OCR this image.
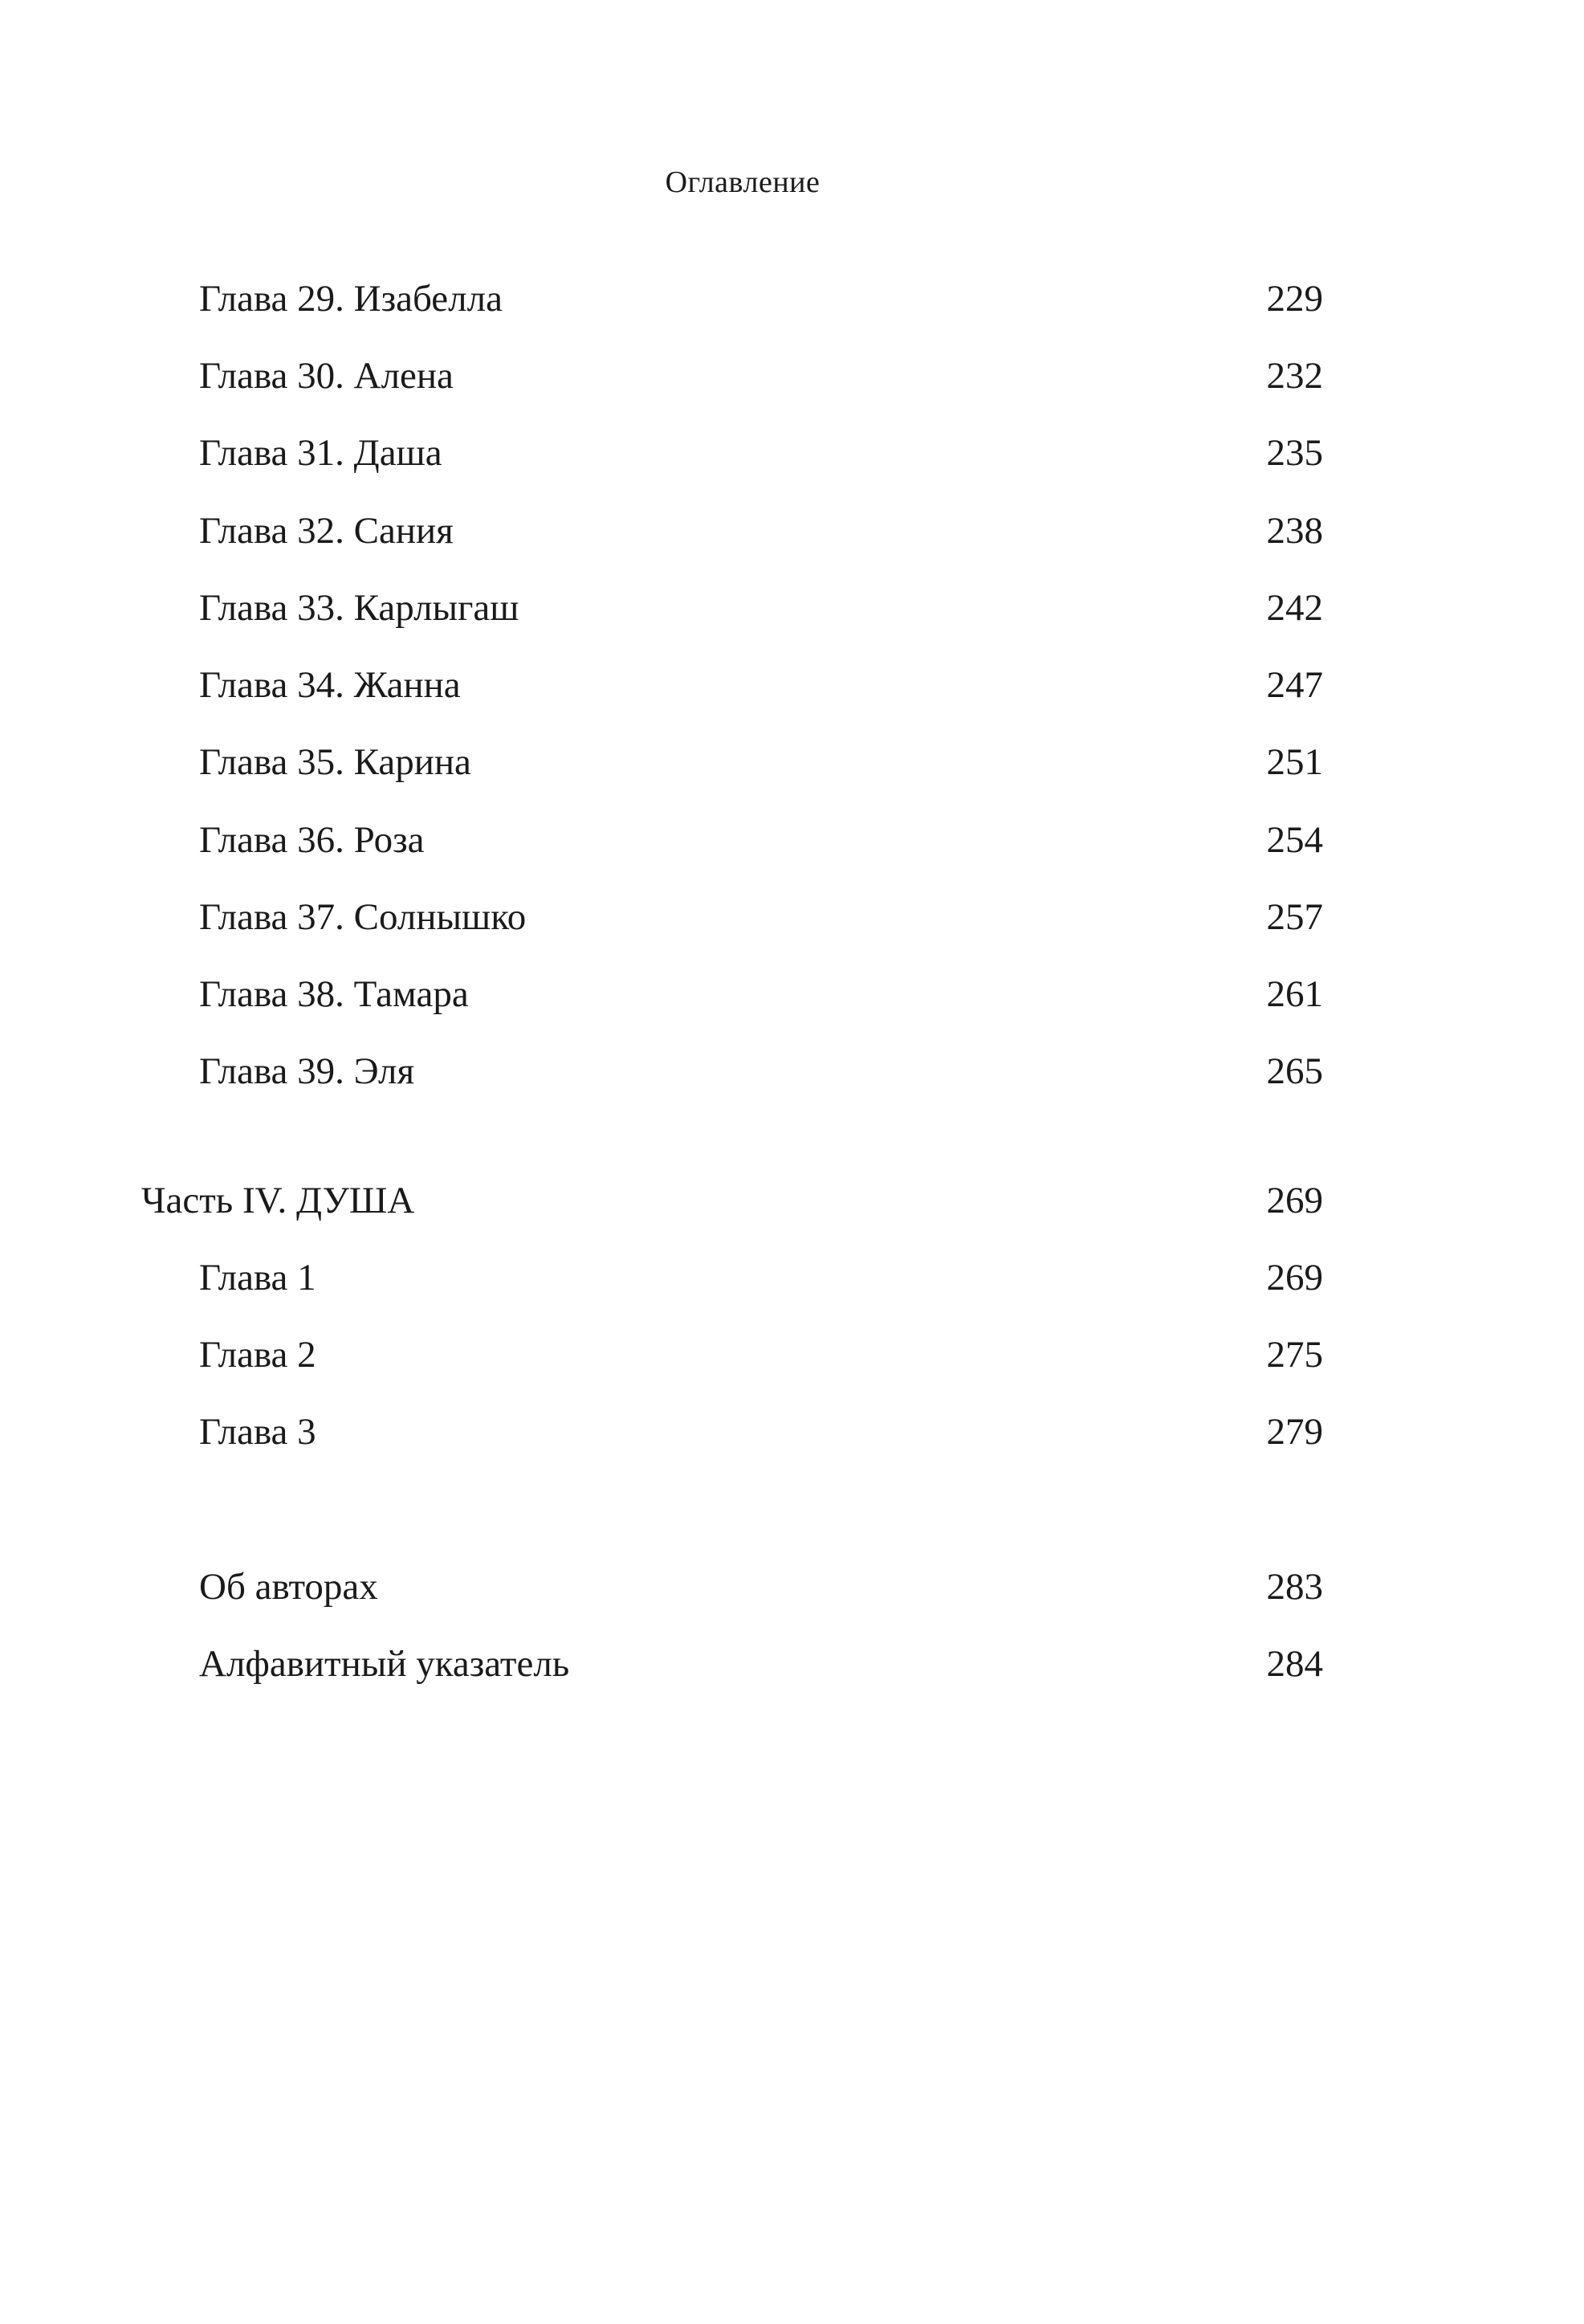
Оглавление
Глава 29. Изабелла	229
Глава 30. Алена	232
Глава 31. Даша	235
Глава 32. Сания	238
Глава 33. Карлыгаш	242
Глава 34. Жанна	247
Глава 35. Карина	251
Глава 36. Роза	254
Глава 37. Солнышко	257
Глава 38. Тамара	261
Глава 39. Эля	265
Часть IV. ДУША	269
Глава 1	269
Глава 2	275
Глава 3	279
Об авторах	283
Алфавитный указатель	284
